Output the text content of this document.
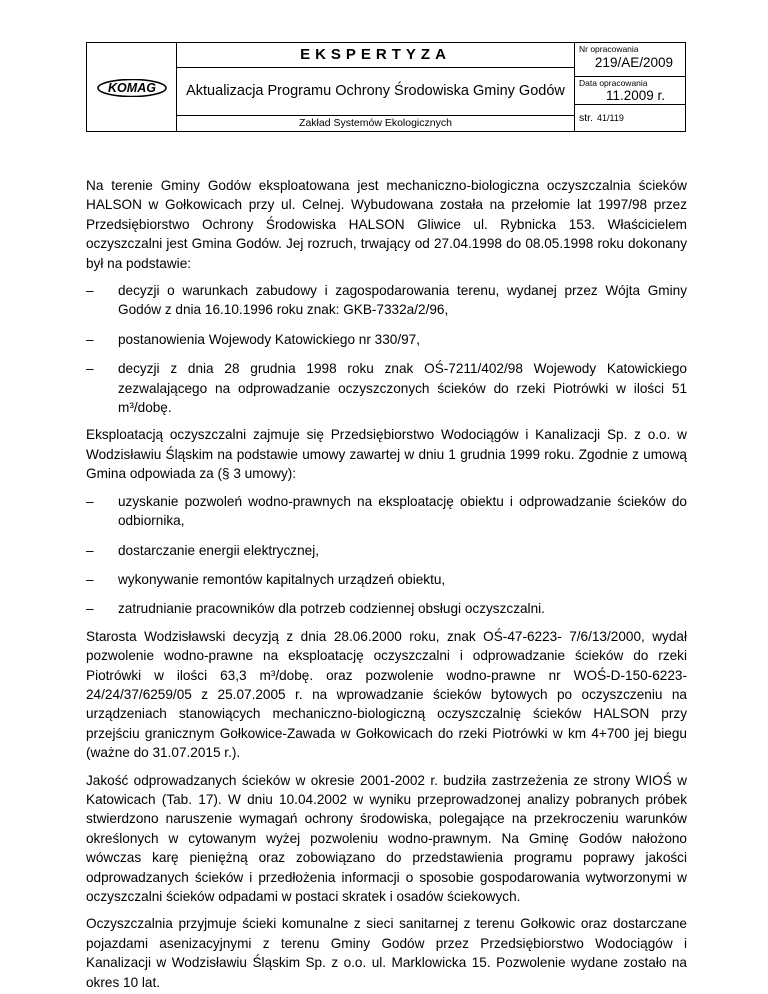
KOMAG
EKSPERTYZA
Aktualizacja Programu Ochrony Środowiska Gminy Godów
Zakład Systemów Ekologicznych
Nr opracowania
219/AE/2009
Data opracowania
11.2009 r.
str. 41/119

Na terenie Gminy Godów eksploatowana jest mechaniczno-biologiczna oczyszczalnia ścieków HALSON w Gołkowicach przy ul. Celnej. Wybudowana została na przełomie lat 1997/98 przez Przedsiębiorstwo Ochrony Środowiska HALSON Gliwice ul. Rybnicka 153. Właścicielem oczyszczalni jest Gmina Godów. Jej rozruch, trwający od 27.04.1998 do 08.05.1998 roku dokonany był na podstawie:

– decyzji o warunkach zabudowy i zagospodarowania terenu, wydanej przez Wójta Gminy Godów z dnia 16.10.1996 roku znak: GKB-7332a/2/96,
– postanowienia Wojewody Katowickiego nr 330/97,
– decyzji z dnia 28 grudnia 1998 roku znak OŚ-7211/402/98 Wojewody Katowickiego zezwalającego na odprowadzanie oczyszczonych ścieków do rzeki Piotrówki w ilości 51 m³/dobę.

Eksploatacją oczyszczalni zajmuje się Przedsiębiorstwo Wodociągów i Kanalizacji Sp. z o.o. w Wodzisławiu Śląskim na podstawie umowy zawartej w dniu 1 grudnia 1999 roku. Zgodnie z umową Gmina odpowiada za (§ 3 umowy):

– uzyskanie pozwoleń wodno-prawnych na eksploatację obiektu i odprowadzanie ścieków do odbiornika,
– dostarczanie energii elektrycznej,
– wykonywanie remontów kapitalnych urządzeń obiektu,
– zatrudnianie pracowników dla potrzeb codziennej obsługi oczyszczalni.

Starosta Wodzisławski decyzją z dnia 28.06.2000 roku, znak OŚ-47-6223- 7/6/13/2000, wydał pozwolenie wodno-prawne na eksploatację oczyszczalni i odprowadzanie ścieków do rzeki Piotrówki w ilości 63,3 m³/dobę. oraz pozwolenie wodno-prawne nr WOŚ-D-150-6223-24/24/37/6259/05 z 25.07.2005 r. na wprowadzanie ścieków bytowych po oczyszczeniu na urządzeniach stanowiących mechaniczno-biologiczną oczyszczalnię ścieków HALSON przy przejściu granicznym Gołkowice-Zawada w Gołkowicach do rzeki Piotrówki w km 4+700 jej biegu (ważne do 31.07.2015 r.).

Jakość odprowadzanych ścieków w okresie 2001-2002 r. budziła zastrzeżenia ze strony WIOŚ w Katowicach (Tab. 17). W dniu 10.04.2002 w wyniku przeprowadzonej analizy pobranych próbek stwierdzono naruszenie wymagań ochrony środowiska, polegające na przekroczeniu warunków określonych w cytowanym wyżej pozwoleniu wodno-prawnym. Na Gminę Godów nałożono wówczas karę pieniężną oraz zobowiązano do przedstawienia programu poprawy jakości odprowadzanych ścieków i przedłożenia informacji o sposobie gospodarowania wytworzonymi w oczyszczalni ścieków odpadami w postaci skratek i osadów ściekowych.

Oczyszczalnia przyjmuje ścieki komunalne z sieci sanitarnej z terenu Gołkowic oraz dostarczane pojazdami asenizacyjnymi z terenu Gminy Godów przez Przedsiębiorstwo Wodociągów i Kanalizacji w Wodzisławiu Śląskim Sp. z o.o. ul. Marklowicka 15. Pozwolenie wydane zostało na okres 10 lat.
